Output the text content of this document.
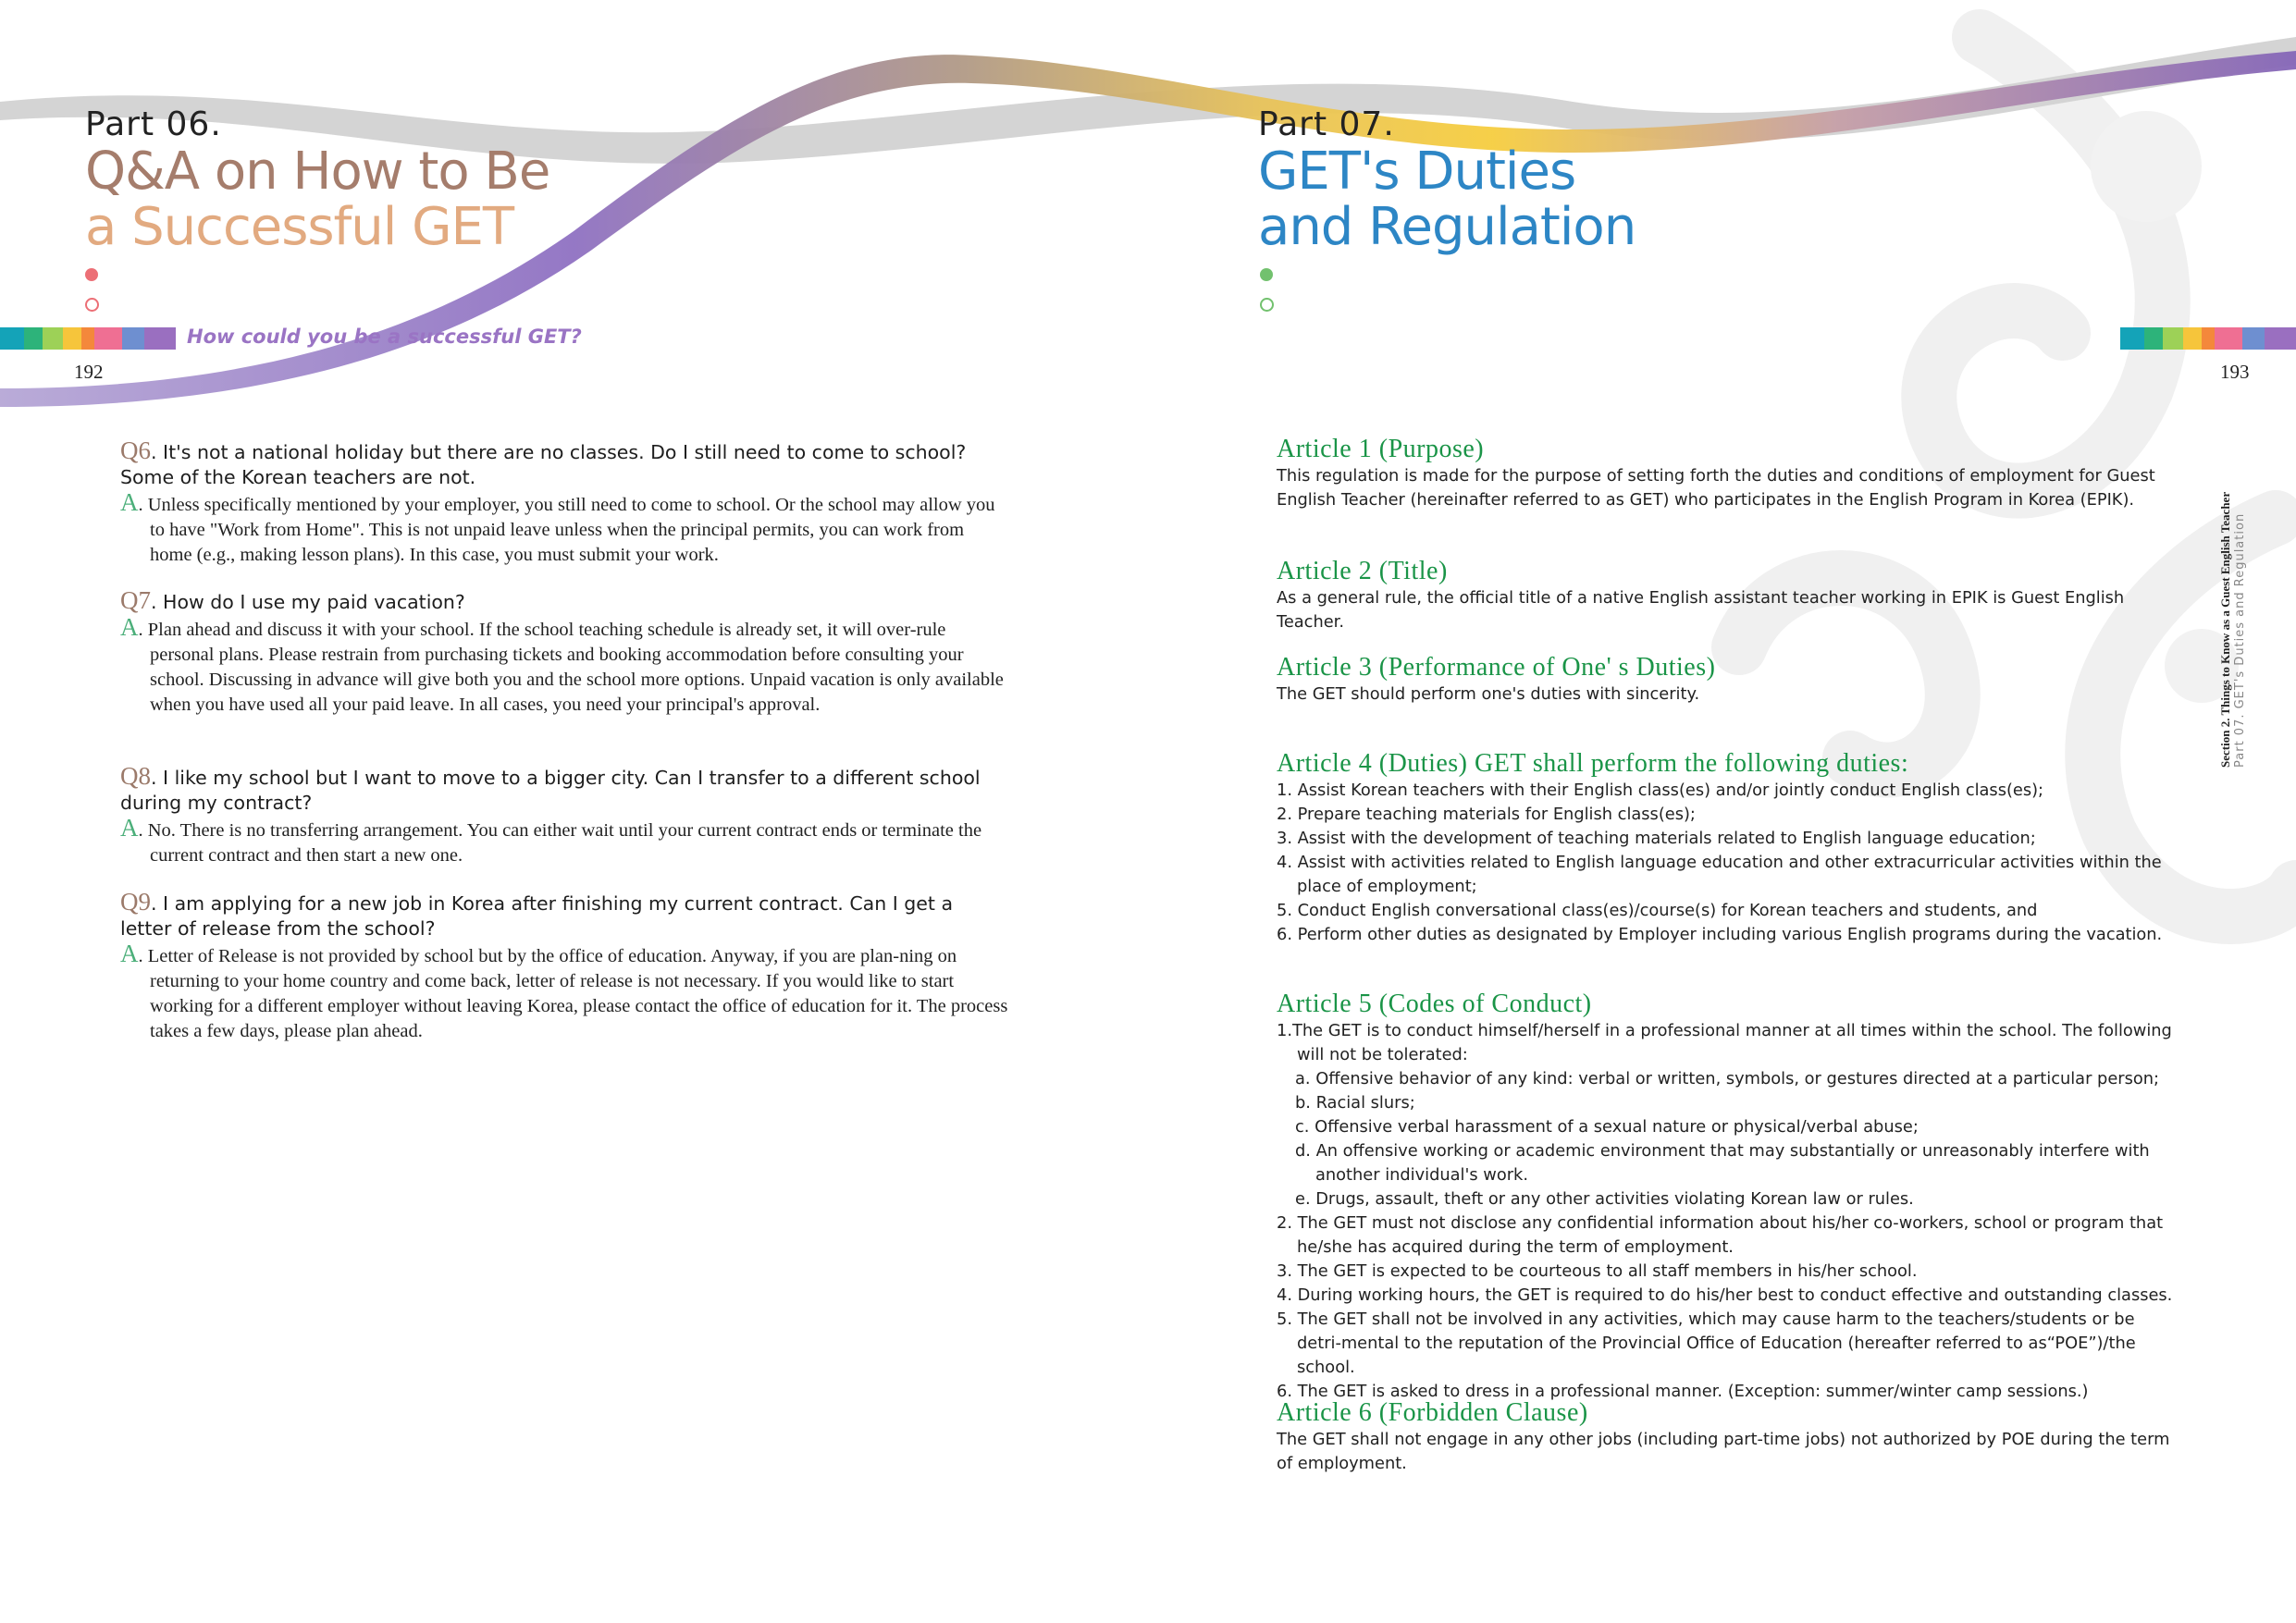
Part 06.
Q&A on How to Be
a Successful GET
How could you be a successful GET?
192
Q6. It's not a national holiday but there are no classes. Do I still need to come to school? Some of the Korean teachers are not.
A. Unless specifically mentioned by your employer, you still need to come to school. Or the school may allow you to have "Work from Home". This is not unpaid leave unless when the principal permits, you can work from home (e.g., making lesson plans). In this case, you must submit your work.
Q7. How do I use my paid vacation?
A. Plan ahead and discuss it with your school. If the school teaching schedule is already set, it will over-rule personal plans. Please restrain from purchasing tickets and booking accommodation before consulting your school. Discussing in advance will give both you and the school more options. Unpaid vacation is only available when you have used all your paid leave. In all cases, you need your principal's approval.
Q8. I like my school but I want to move to a bigger city. Can I transfer to a different school during my contract?
A. No. There is no transferring arrangement. You can either wait until your current contract ends or terminate the current contract and then start a new one.
Q9. I am applying for a new job in Korea after finishing my current contract. Can I get a letter of release from the school?
A. Letter of Release is not provided by school but by the office of education. Anyway, if you are plan-ning on returning to your home country and come back, letter of release is not necessary. If you would like to start working for a different employer without leaving Korea, please contact the office of education for it. The process takes a few days, please plan ahead.
Part 07.
GET's Duties
and Regulation
193
Section 2. Things to Know as a Guest English Teacher Part 07. GET's Duties and Regulation
Article 1 (Purpose)
This regulation is made for the purpose of setting forth the duties and conditions of employment for Guest English Teacher (hereinafter referred to as GET) who participates in the English Program in Korea (EPIK).
Article 2 (Title)
As a general rule, the official title of a native English assistant teacher working in EPIK is Guest English Teacher.
Article 3 (Performance of One' s Duties)
The GET should perform one's duties with sincerity.
Article 4 (Duties) GET shall perform the following duties:
1. Assist Korean teachers with their English class(es) and/or jointly conduct English class(es);
2. Prepare teaching materials for English class(es);
3. Assist with the development of teaching materials related to English language education;
4. Assist with activities related to English language education and other extracurricular activities within the place of employment;
5. Conduct English conversational class(es)/course(s) for Korean teachers and students, and
6. Perform other duties as designated by Employer including various English programs during the vacation.
Article 5 (Codes of Conduct)
1.The GET is to conduct himself/herself in a professional manner at all times within the school. The following will not be tolerated:
a. Offensive behavior of any kind: verbal or written, symbols, or gestures directed at a particular person;
b. Racial slurs;
c. Offensive verbal harassment of a sexual nature or physical/verbal abuse;
d. An offensive working or academic environment that may substantially or unreasonably interfere with another individual's work.
e. Drugs, assault, theft or any other activities violating Korean law or rules.
2. The GET must not disclose any confidential information about his/her co-workers, school or program that he/she has acquired during the term of employment.
3. The GET is expected to be courteous to all staff members in his/her school.
4. During working hours, the GET is required to do his/her best to conduct effective and outstanding classes.
5. The GET shall not be involved in any activities, which may cause harm to the teachers/students or be detri-mental to the reputation of the Provincial Office of Education (hereafter referred to as“POE”)/the school.
6. The GET is asked to dress in a professional manner. (Exception: summer/winter camp sessions.)
Article 6 (Forbidden Clause)
The GET shall not engage in any other jobs (including part-time jobs) not authorized by POE during the term of employment.
